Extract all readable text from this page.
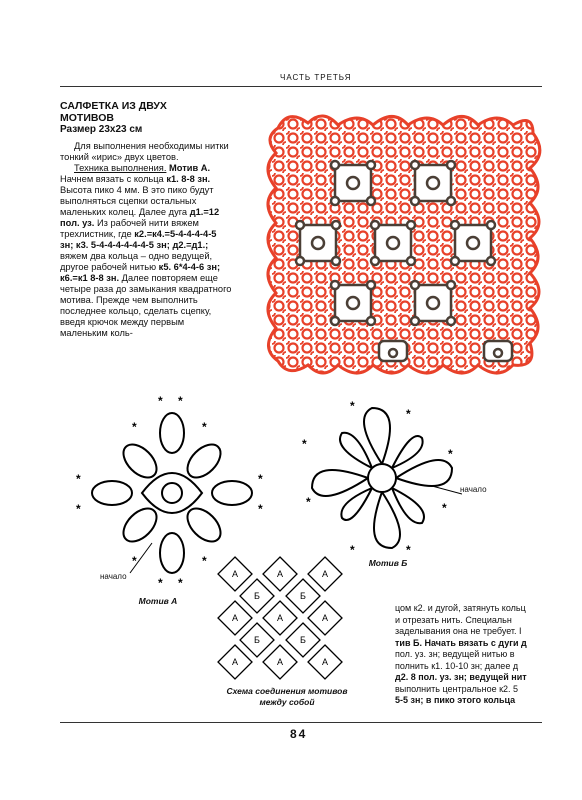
ЧАСТЬ ТРЕТЬЯ

САЛФЕТКА ИЗ ДВУХ

МОТИВОВ

Размер 23х23 см

Для выполнения необходимы нитки тонкий «ирис» двух цветов.

Техника выполнения. Мотив А. Начнем вязать с кольца к1. 8-8 зн. Высота пико 4 мм. В это пико будут выполняться сцепки остальных маленьких колец. Далее дуга д1.=12 пол. уз. Из рабочей нити вяжем трехлистник, где к2.=к4.=5-4-4-4-4-5 зн; к3. 5-4-4-4-4-4-4-5 зн; д2.=д1.; вяжем два кольца – одно ведущей, другое рабочей нитью к5. 6*4-4-6 зн; к6.=к1 8-8 зн. Далее повторяем еще четыре раза до замыкания квадратного мотива. Прежде чем выполнить последнее кольцо, сделать сцепку, введя крючок между первым маленьким коль-

* *
*	*
*
*
*
*
*	*
* *
начало
Мотив А
*
*
*
*
*	*
*	*
начало
Мотив Б
А	А	А
Б	Б
А	А	А
Б	Б
А	А	А
Схема соединения мотивов
между собой

цом к2. и дугой, затянуть кольц

и отрезать нить. Специальн

заделывания она не требует. I

тив Б. Начать вязать с дуги д

пол. уз. зн; ведущей нитью в

полнить к1. 10-10 зн; далее д

д2. 8 пол. уз. зн; ведущей нит

выполнить центральное к2. 5

5-5 зн; в пико этого кольца

84
